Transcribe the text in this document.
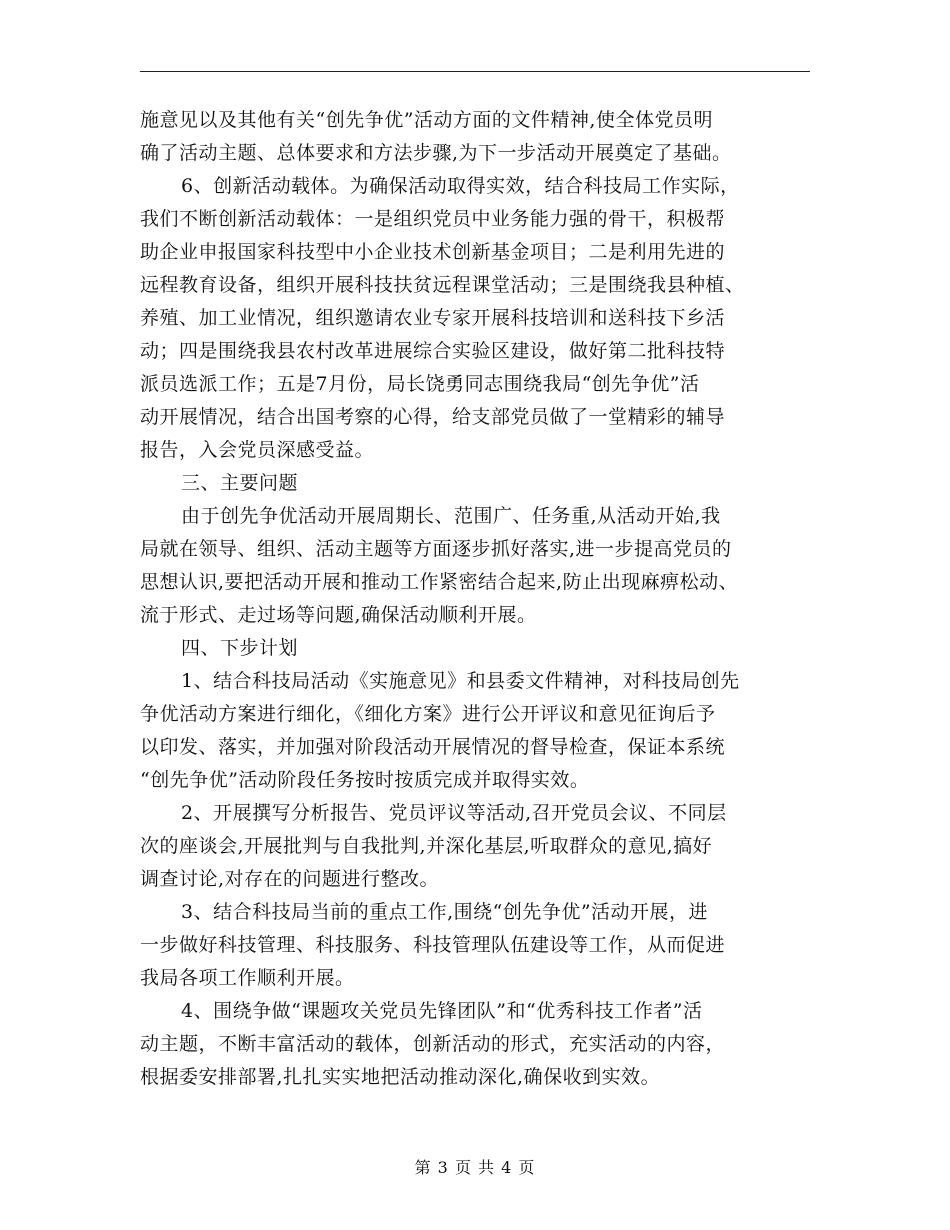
施意见以及其他有关“创先争优”活动方面的文件精神,使全体党员明
确了活动主题、总体要求和方法步骤,为下一步活动开展奠定了基础。
6、创新活动载体。为确保活动取得实效，结合科技局工作实际，
我们不断创新活动载体：一是组织党员中业务能力强的骨干，积极帮
助企业申报国家科技型中小企业技术创新基金项目；二是利用先进的
远程教育设备，组织开展科技扶贫远程课堂活动；三是围绕我县种植、
养殖、加工业情况，组织邀请农业专家开展科技培训和送科技下乡活
动；四是围绕我县农村改革进展综合实验区建设，做好第二批科技特
派员选派工作；五是7月份，局长饶勇同志围绕我局“创先争优”活
动开展情况，结合出国考察的心得，给支部党员做了一堂精彩的辅导
报告，入会党员深感受益。
三、主要问题
由于创先争优活动开展周期长、范围广、任务重,从活动开始,我
局就在领导、组织、活动主题等方面逐步抓好落实,进一步提高党员的
思想认识,要把活动开展和推动工作紧密结合起来,防止出现麻痹松动、
流于形式、走过场等问题,确保活动顺利开展。
四、下步计划
1、结合科技局活动《实施意见》和县委文件精神，对科技局创先
争优活动方案进行细化，《细化方案》进行公开评议和意见征询后予
以印发、落实，并加强对阶段活动开展情况的督导检查，保证本系统
“创先争优”活动阶段任务按时按质完成并取得实效。
2、开展撰写分析报告、党员评议等活动,召开党员会议、不同层
次的座谈会,开展批判与自我批判,并深化基层,听取群众的意见,搞好
调查讨论,对存在的问题进行整改。
3、结合科技局当前的重点工作,围绕“创先争优”活动开展，进
一步做好科技管理、科技服务、科技管理队伍建设等工作，从而促进
我局各项工作顺利开展。
4、围绕争做“课题攻关党员先锋团队”和“优秀科技工作者”活
动主题，不断丰富活动的载体，创新活动的形式，充实活动的内容，
根据委安排部署,扎扎实实地把活动推动深化,确保收到实效。
第 3 页 共 4 页
